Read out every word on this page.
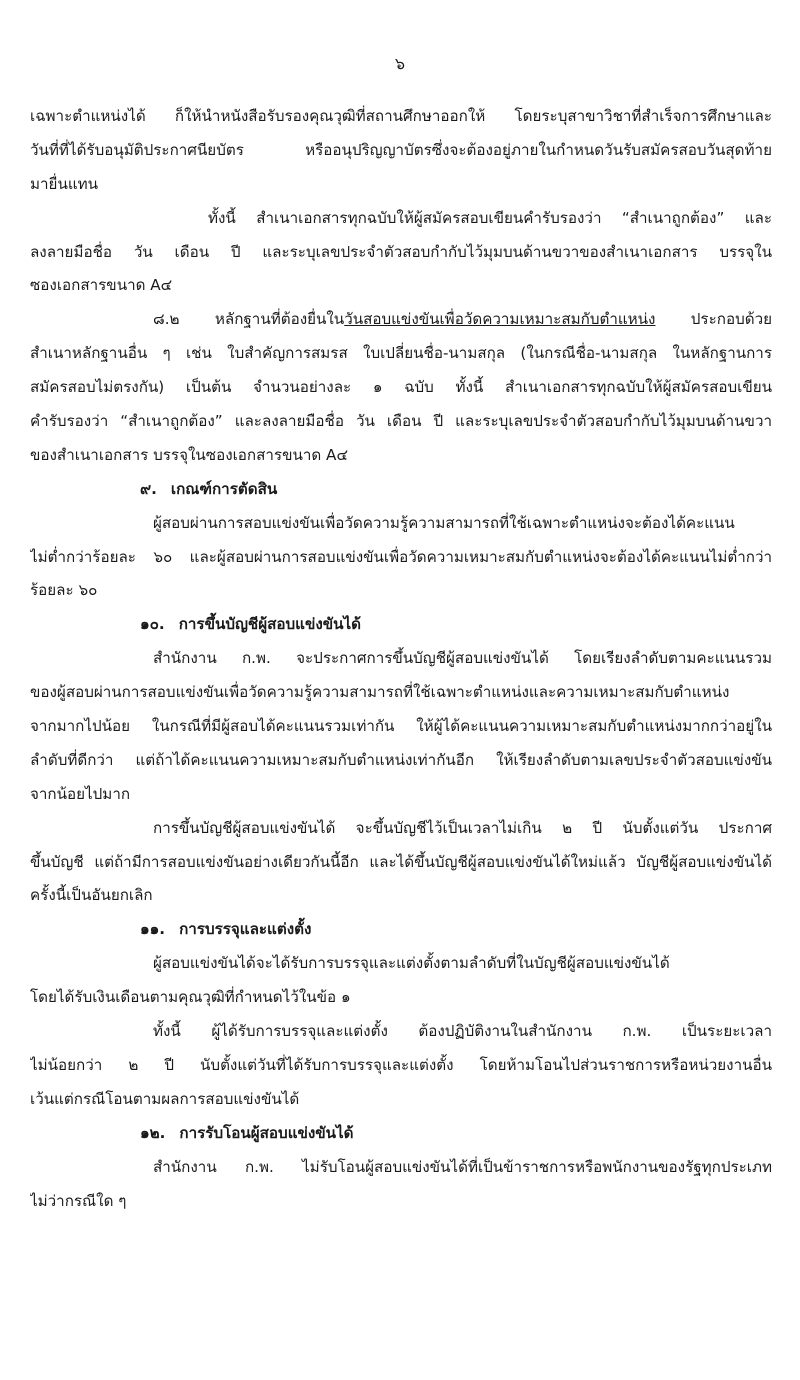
๖
เฉพาะตำแหน่งได้ ก็ให้นำหนังสือรับรองคุณวุฒิที่สถานศึกษาออกให้ โดยระบุสาขาวิชาที่สำเร็จการศึกษาและ
วันที่ที่ได้รับอนุมัติประกาศนียบัตร หรืออนุปริญญาบัตรซึ่งจะต้องอยู่ภายในกำหนดวันรับสมัครสอบวันสุดท้าย
มายื่นแทน
ทั้งนี้ สำเนาเอกสารทุกฉบับให้ผู้สมัครสอบเขียนคำรับรองว่า “สำเนาถูกต้อง” และ
ลงลายมือชื่อ วัน เดือน ปี และระบุเลขประจำตัวสอบกำกับไว้มุมบนด้านขวาของสำเนาเอกสาร บรรจุใน
ซองเอกสารขนาด A๔
๘.๒ หลักฐานที่ต้องยื่นในวันสอบแข่งขันเพื่อวัดความเหมาะสมกับตำแหน่ง ประกอบด้วย
สำเนาหลักฐานอื่น ๆ เช่น ใบสำคัญการสมรส ใบเปลี่ยนชื่อ-นามสกุล (ในกรณีชื่อ-นามสกุล ในหลักฐานการ
สมัครสอบไม่ตรงกัน) เป็นต้น จำนวนอย่างละ ๑ ฉบับ ทั้งนี้ สำเนาเอกสารทุกฉบับให้ผู้สมัครสอบเขียน
คำรับรองว่า “สำเนาถูกต้อง” และลงลายมือชื่อ วัน เดือน ปี และระบุเลขประจำตัวสอบกำกับไว้มุมบนด้านขวา
ของสำเนาเอกสาร บรรจุในซองเอกสารขนาด A๔
๙. เกณฑ์การตัดสิน
ผู้สอบผ่านการสอบแข่งขันเพื่อวัดความรู้ความสามารถที่ใช้เฉพาะตำแหน่งจะต้องได้คะแนน
ไม่ต่ำกว่าร้อยละ ๖๐ และผู้สอบผ่านการสอบแข่งขันเพื่อวัดความเหมาะสมกับตำแหน่งจะต้องได้คะแนนไม่ต่ำกว่า
ร้อยละ ๖๐
๑๐. การขึ้นบัญชีผู้สอบแข่งขันได้
สำนักงาน ก.พ. จะประกาศการขึ้นบัญชีผู้สอบแข่งขันได้ โดยเรียงลำดับตามคะแนนรวม
ของผู้สอบผ่านการสอบแข่งขันเพื่อวัดความรู้ความสามารถที่ใช้เฉพาะตำแหน่งและความเหมาะสมกับตำแหน่ง
จากมากไปน้อย ในกรณีที่มีผู้สอบได้คะแนนรวมเท่ากัน ให้ผู้ได้คะแนนความเหมาะสมกับตำแหน่งมากกว่าอยู่ใน
ลำดับที่ดีกว่า แต่ถ้าได้คะแนนความเหมาะสมกับตำแหน่งเท่ากันอีก ให้เรียงลำดับตามเลขประจำตัวสอบแข่งขัน
จากน้อยไปมาก
การขึ้นบัญชีผู้สอบแข่งขันได้ จะขึ้นบัญชีไว้เป็นเวลาไม่เกิน ๒ ปี นับตั้งแต่วัน ประกาศ
ขึ้นบัญชี แต่ถ้ามีการสอบแข่งขันอย่างเดียวกันนี้อีก และได้ขึ้นบัญชีผู้สอบแข่งขันได้ใหม่แล้ว บัญชีผู้สอบแข่งขันได้
ครั้งนี้เป็นอันยกเลิก
๑๑. การบรรจุและแต่งตั้ง
ผู้สอบแข่งขันได้จะได้รับการบรรจุและแต่งตั้งตามลำดับที่ในบัญชีผู้สอบแข่งขันได้
โดยได้รับเงินเดือนตามคุณวุฒิที่กำหนดไว้ในข้อ ๑
ทั้งนี้ ผู้ได้รับการบรรจุและแต่งตั้ง ต้องปฏิบัติงานในสำนักงาน ก.พ. เป็นระยะเวลา
ไม่น้อยกว่า ๒ ปี นับตั้งแต่วันที่ได้รับการบรรจุและแต่งตั้ง โดยห้ามโอนไปส่วนราชการหรือหน่วยงานอื่น
เว้นแต่กรณีโอนตามผลการสอบแข่งขันได้
๑๒. การรับโอนผู้สอบแข่งขันได้
สำนักงาน ก.พ. ไม่รับโอนผู้สอบแข่งขันได้ที่เป็นข้าราชการหรือพนักงานของรัฐทุกประเภท
ไม่ว่ากรณีใด ๆ
